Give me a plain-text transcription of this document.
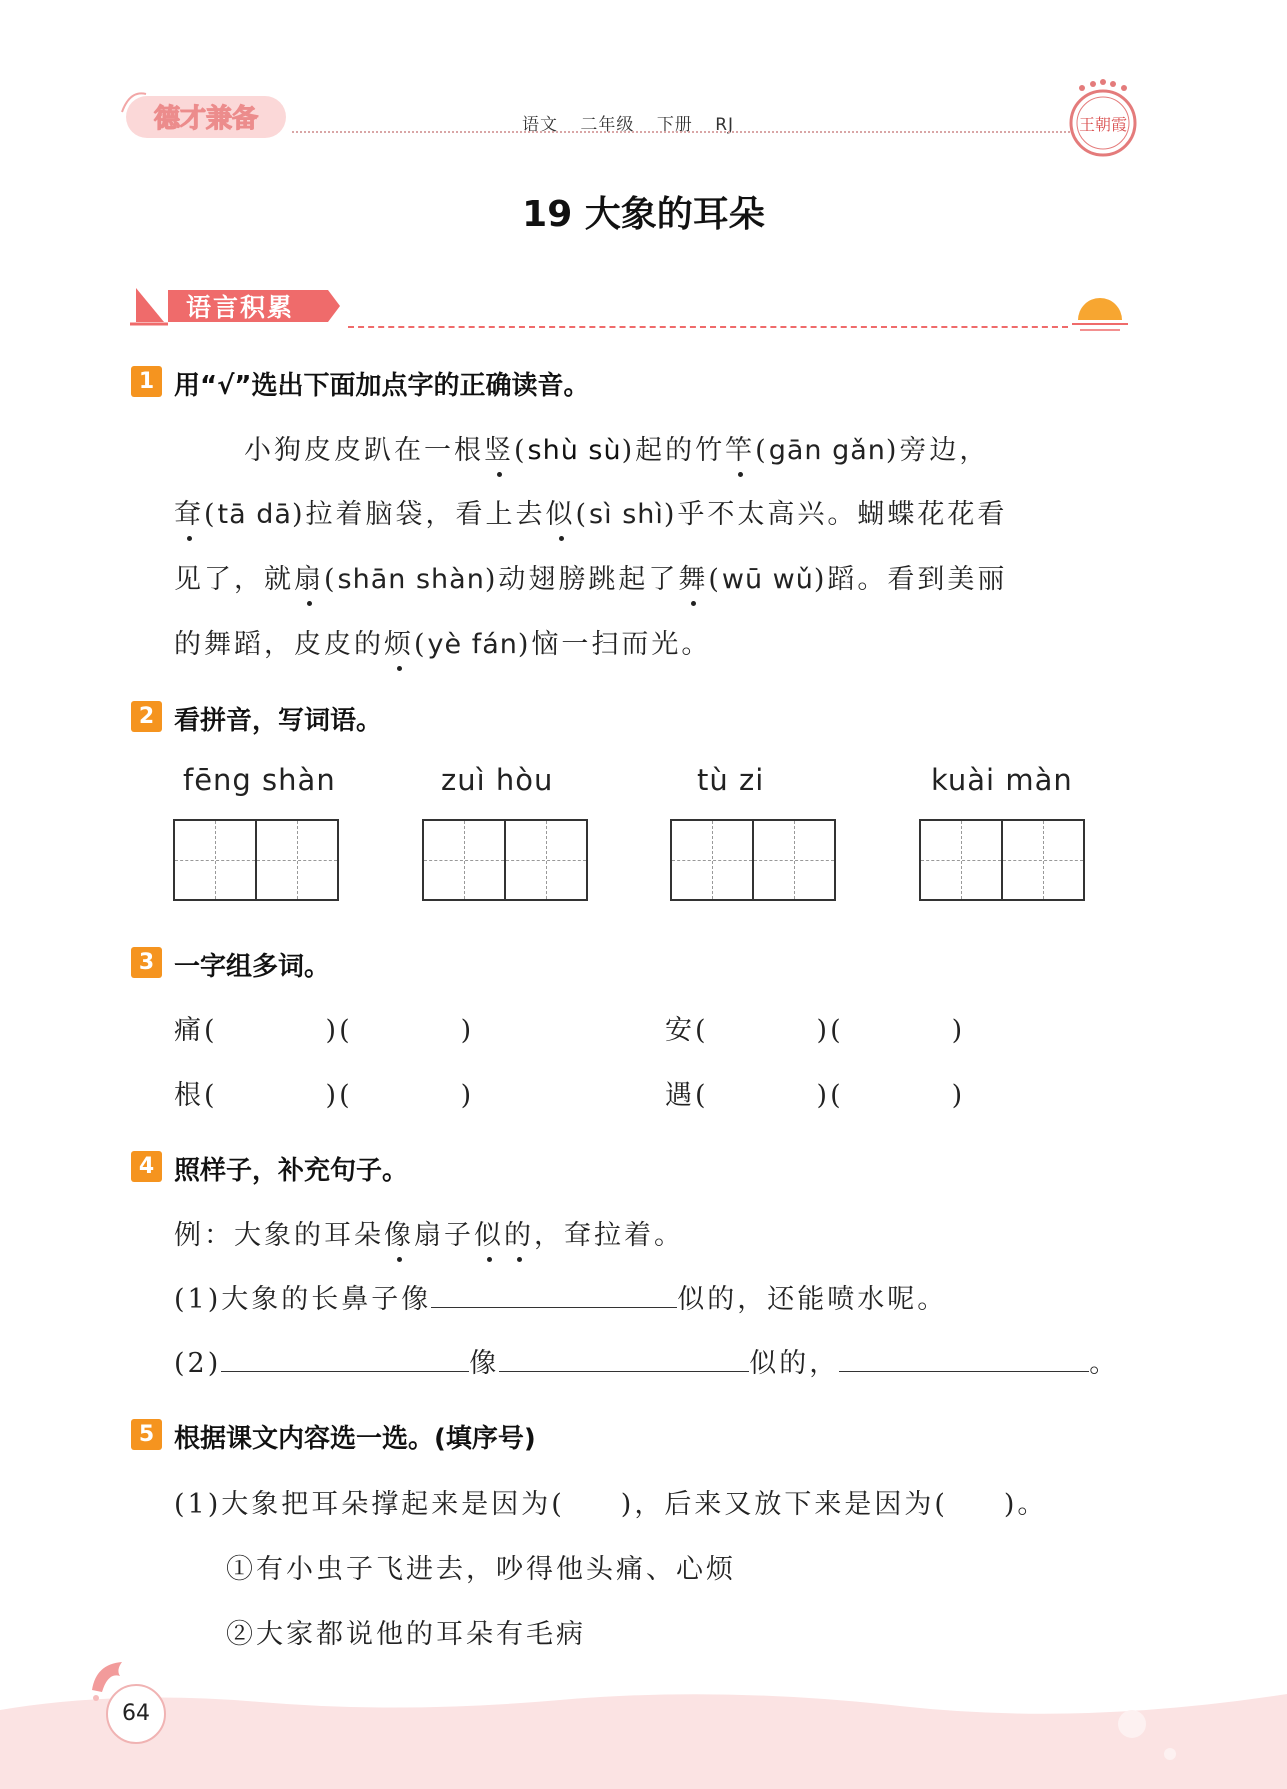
德才兼备	语文 二年级 下册 RJ	王朝霞
19 大象的耳朵
语言积累
1 用“√”选出下面加点字的正确读音。
小狗皮皮趴在一根竖(shù sù)起的竹竿(gān gǎn)旁边，
耷(tā dā)拉着脑袋，看上去似(sì shì)乎不太高兴。蝴蝶花花看
见了，就扇(shān shàn)动翅膀跳起了舞(wū wǔ)蹈。看到美丽
的舞蹈，皮皮的烦(yè fán)恼一扫而光。
2 看拼音，写词语。
fēng shàn	zuì hòu	tù zi	kuài màn
3 一字组多词。
痛(	)(	)	安(	)(	)
根(	)(	)	遇(	)(	)
4 照样子，补充句子。
例：大象的耳朵像扇子似的，耷拉着。
(1)大象的长鼻子像	似的，还能喷水呢。
(2)	像	似的，	。
5 根据课文内容选一选。(填序号)
(1)大象把耳朵撑起来是因为( )，后来又放下来是因为( )。
①有小虫子飞进去，吵得他头痛、心烦
②大家都说他的耳朵有毛病
64
